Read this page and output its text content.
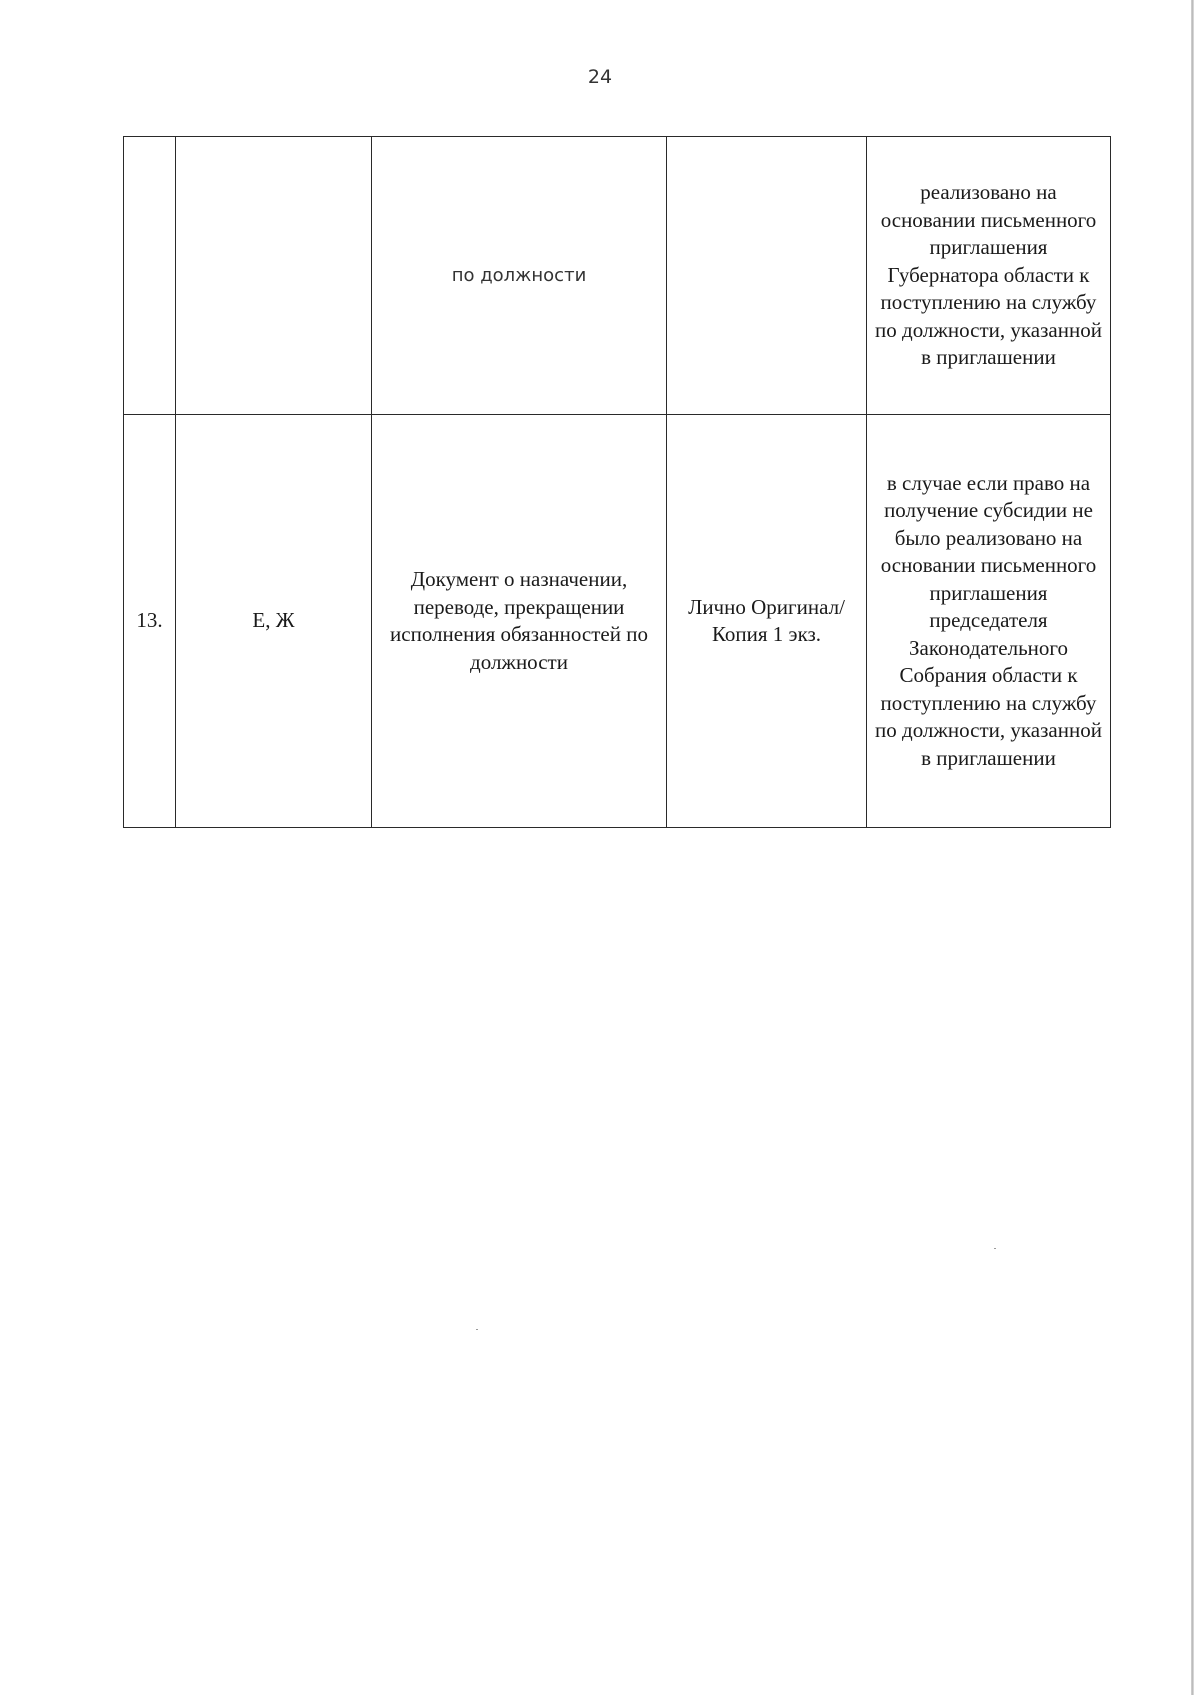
24

		по должности		реализовано на основании письменного приглашения Губернатора области к поступлению на службу по должности, указанной в приглашении

13.	Е, Ж	Документ о назначении, переводе, прекращении исполнения обязанностей по должности	Лично Оригинал/Копия 1 экз.	в случае если право на получение субсидии не было реализовано на основании письменного приглашения председателя Законодательного Собрания области к поступлению на службу по должности, указанной в приглашении
